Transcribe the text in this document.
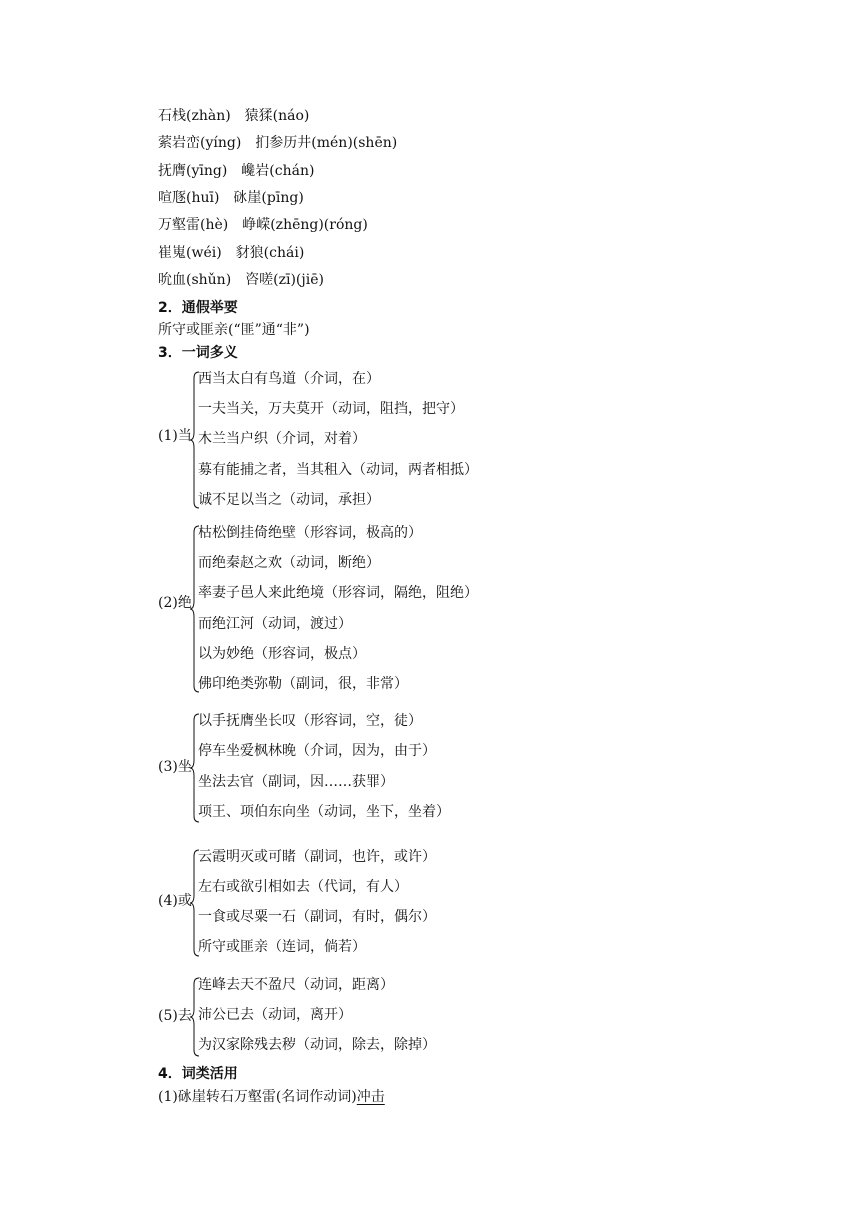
石栈(zhàn)　猿猱(náo)
萦岩峦(yíng)　扪参历井(mén)(shēn)
抚膺(yīng)　巉岩(chán)
喧豗(huī)　砯崖(pīng)
万壑雷(hè)　峥嵘(zhēng)(róng)
崔嵬(wéi)　豺狼(chái)
吮血(shǔn)　咨嗟(zī)(jiē)
2．通假举要
所守或匪亲(“匪”通“非”)
3．一词多义
(1)当
西当太白有鸟道（介词，在）
一夫当关，万夫莫开（动词，阻挡，把守）
木兰当户织（介词，对着）
募有能捕之者，当其租入（动词，两者相抵）
诚不足以当之（动词，承担）
(2)绝
枯松倒挂倚绝壁（形容词，极高的）
而绝秦赵之欢（动词，断绝）
率妻子邑人来此绝境（形容词，隔绝，阻绝）
而绝江河（动词，渡过）
以为妙绝（形容词，极点）
佛印绝类弥勒（副词，很，非常）
(3)坐
以手抚膺坐长叹（形容词，空，徒）
停车坐爱枫林晚（介词，因为，由于）
坐法去官（副词，因……获罪）
项王、项伯东向坐（动词，坐下，坐着）
(4)或
云霞明灭或可睹（副词，也许，或许）
左右或欲引相如去（代词，有人）
一食或尽粟一石（副词，有时，偶尔）
所守或匪亲（连词，倘若）
(5)去
连峰去天不盈尺（动词，距离）
沛公已去（动词，离开）
为汉家除残去秽（动词，除去，除掉）
4．词类活用
(1)砯崖转石万壑雷(名词作动词)冲击
